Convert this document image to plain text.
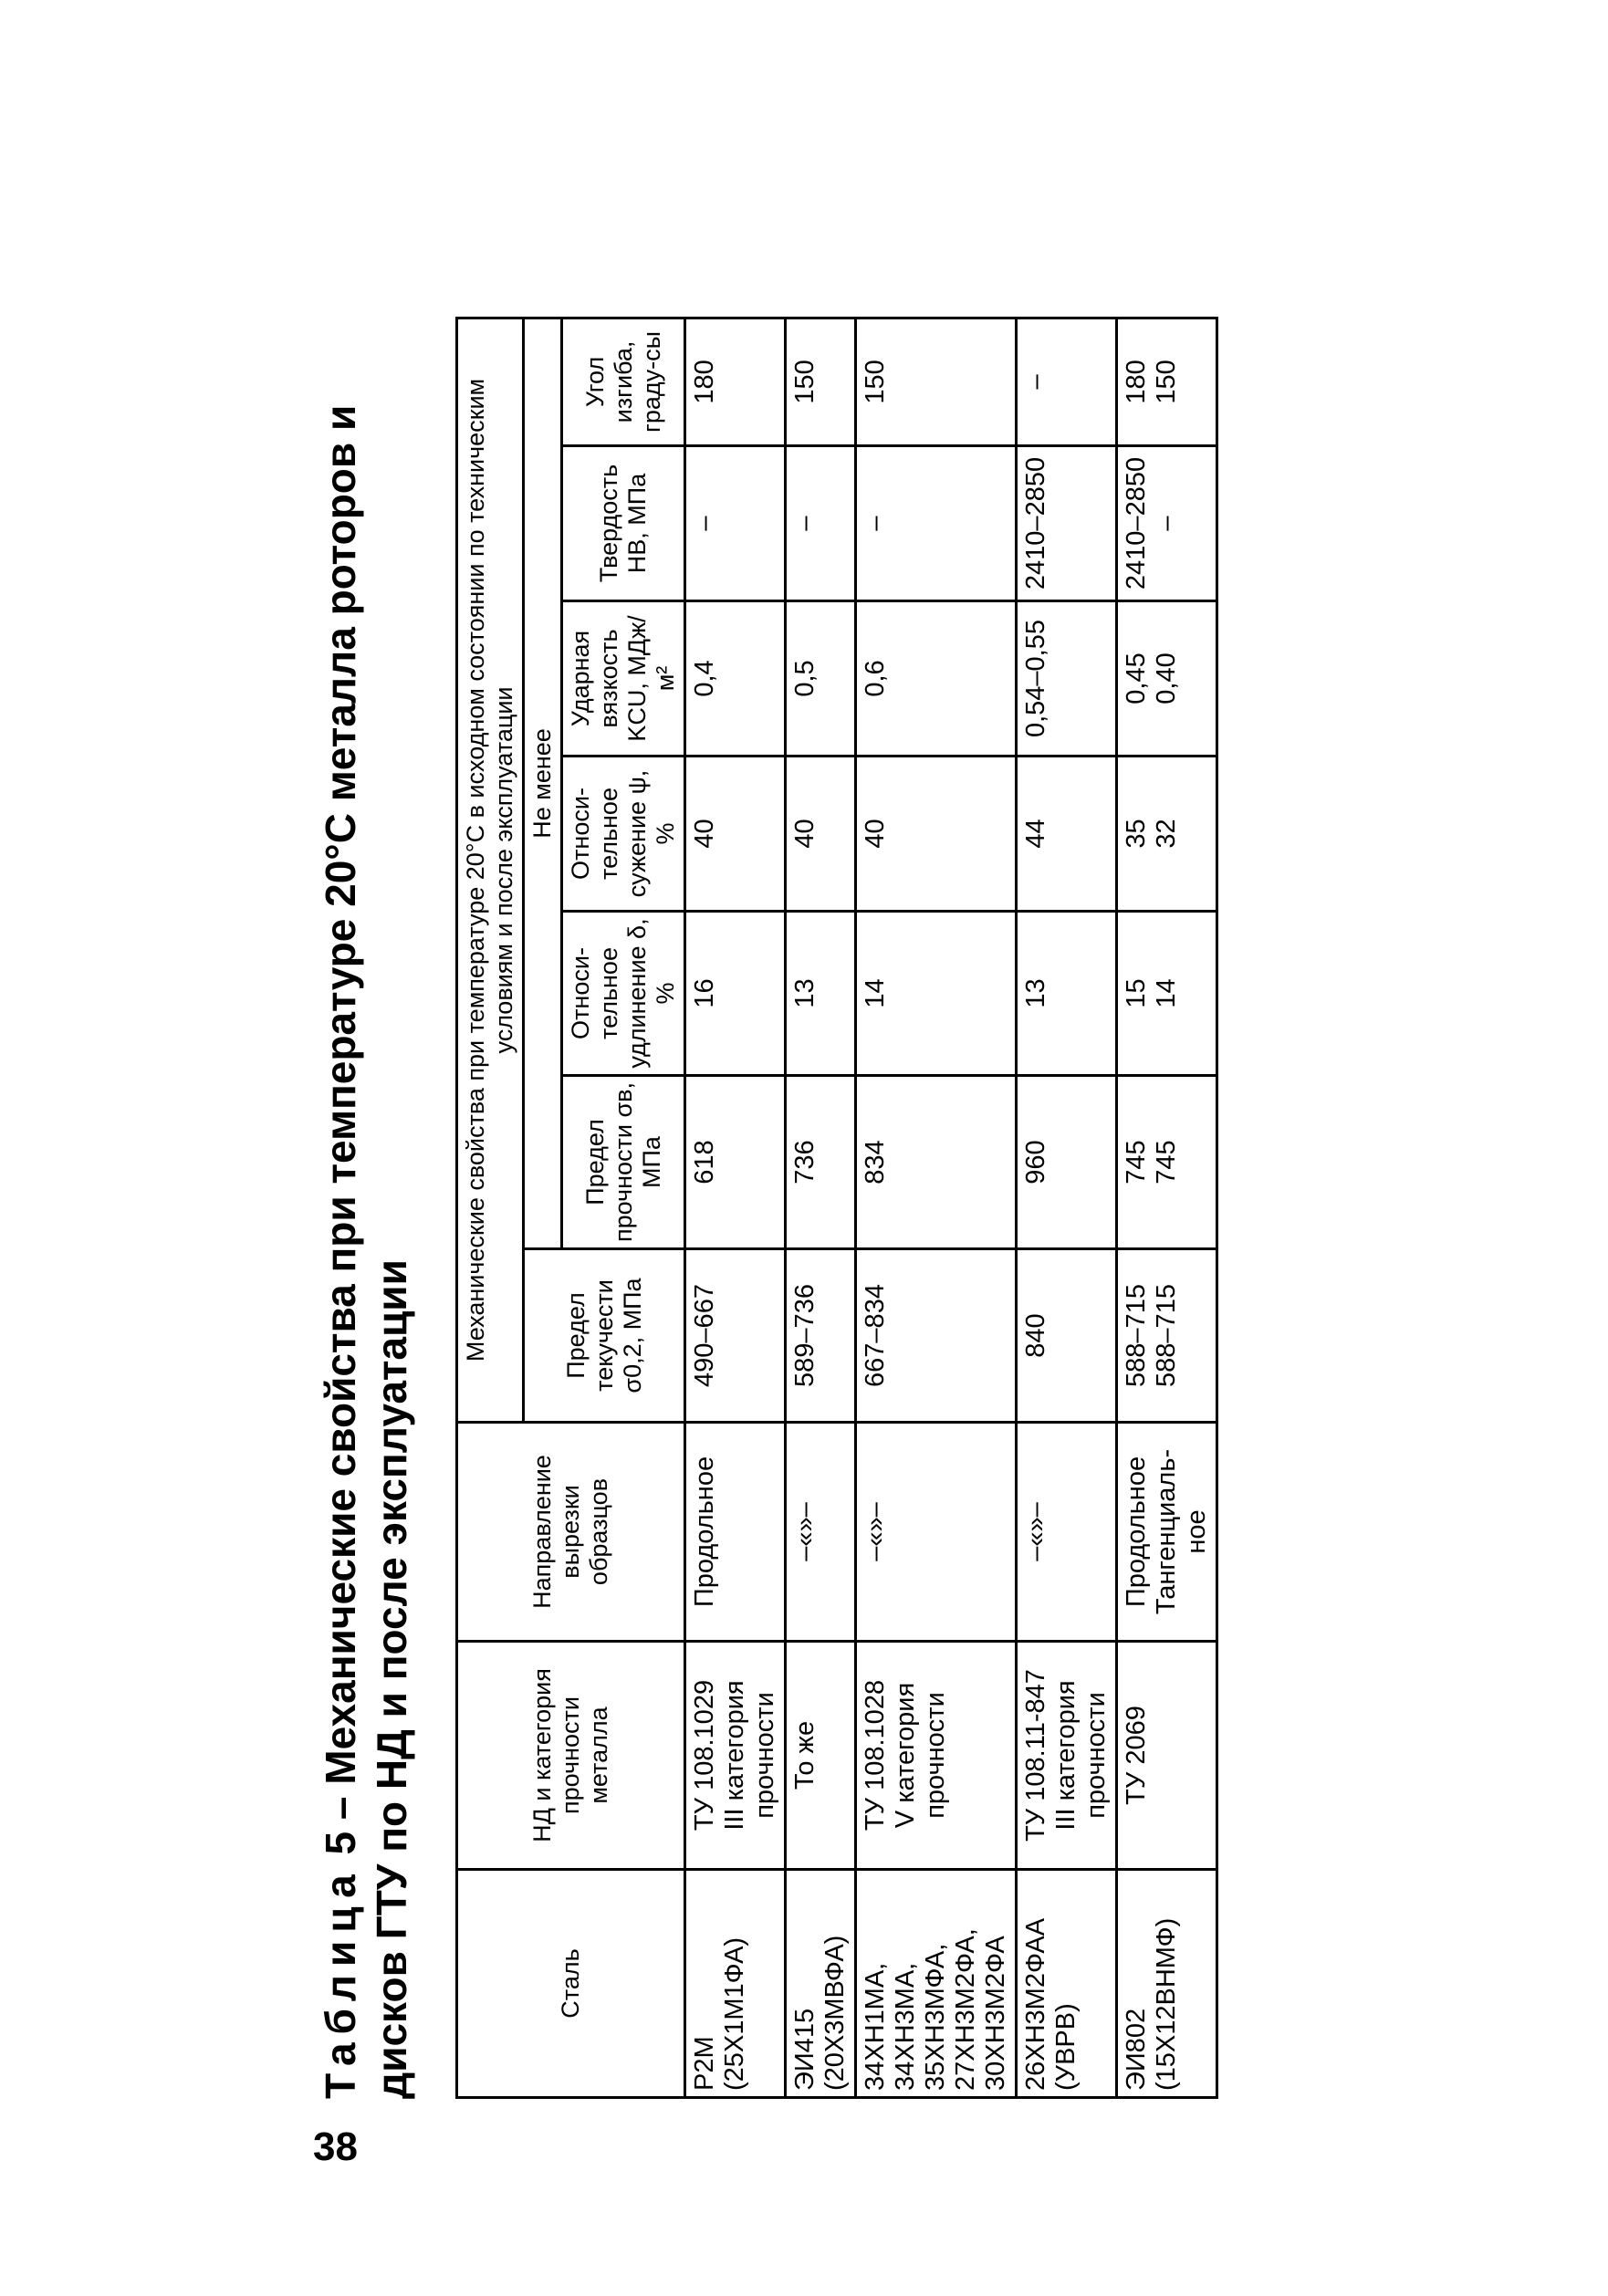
38
Таблица 5 – Механические свойства при температуре 20°С металла роторов и
дисков ГТУ по НД и после эксплуатации	Сталь	НД и категория прочности металла	Направление вырезки образцов	Механические свойства при температуре 20°С в исходном состоянии по техническим условиям и после эксплуатации						
			Предел текучести σ0,2, МПа	Не менее					
				Предел прочности σв, МПа	Относи-тельное удлинение δ, %	Относи-тельное сужение ψ, %	Ударная вязкость KCU, МДж/м²	Твердость НВ, МПа	Угол изгиба, граду-сы

Р2М (25Х1М1ФА)	ТУ 108.1029 III категория прочности	Продольное	490–667	618	16	40	0,4	–	180

ЭИ415 (20Х3МВФА)	То же	–«»–	589–736	736	13	40	0,5	–	150

34ХН1МА, 34ХН3МА, 35ХН3МФА, 27ХН3М2ФА, 30ХН3М2ФА	ТУ 108.1028 V категория прочности	–«»–	667–834	834	14	40	0,6	–	150

26ХН3М2ФАА (УВРВ)	ТУ 108.11-847 III категория прочности	–«»–	840	960	13	44	0,54–0,55	2410–2850	–

ЭИ802 (15Х12ВНМФ)	ТУ 2069	Продольное Тангенциаль- ное	588–715 588–715	745 745	15 14	35 32	0,45 0,40	2410–2850 –	180 150
